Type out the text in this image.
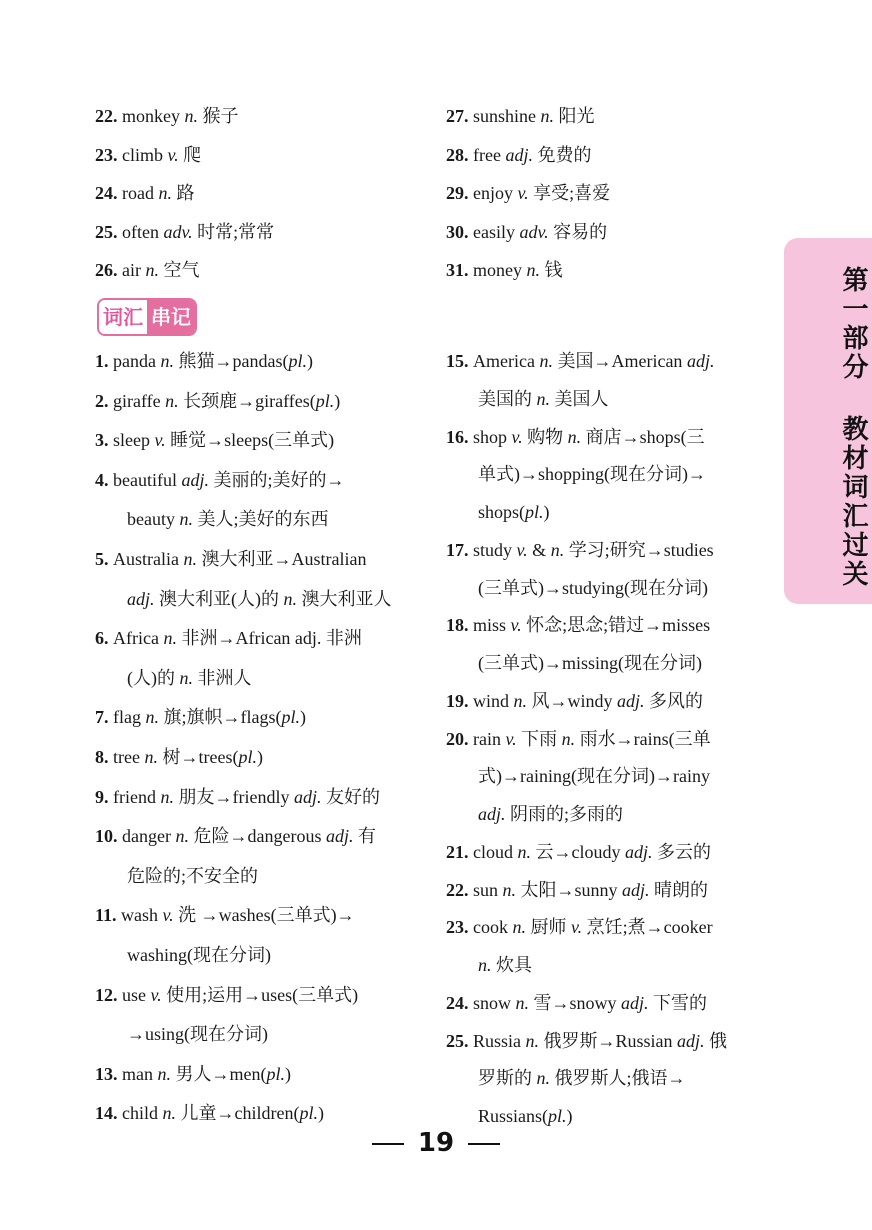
22. monkey n. 猴子
23. climb v. 爬
24. road n. 路
25. often adv. 时常;常常
26. air n. 空气
27. sunshine n. 阳光
28. free adj. 免费的
29. enjoy v. 享受;喜爱
30. easily adv. 容易的
31. money n. 钱
词汇 串记
1. panda n. 熊猫→pandas(pl.)
2. giraffe n. 长颈鹿→giraffes(pl.)
3. sleep v. 睡觉→sleeps(三单式)
4. beautiful adj. 美丽的;美好的→
beauty n. 美人;美好的东西
5. Australia n. 澳大利亚→Australian
adj. 澳大利亚(人)的 n. 澳大利亚人
6. Africa n. 非洲→African adj. 非洲
(人)的 n. 非洲人
7. flag n. 旗;旗帜→flags(pl.)
8. tree n. 树→trees(pl.)
9. friend n. 朋友→friendly adj. 友好的
10. danger n. 危险→dangerous adj. 有
危险的;不安全的
11. wash v. 洗 →washes(三单式)→
washing(现在分词)
12. use v. 使用;运用→uses(三单式)
→using(现在分词)
13. man n. 男人→men(pl.)
14. child n. 儿童→children(pl.)
15. America n. 美国→American adj.
美国的 n. 美国人
16. shop v. 购物 n. 商店→shops(三
单式)→shopping(现在分词)→
shops(pl.)
17. study v. & n. 学习;研究→studies
(三单式)→studying(现在分词)
18. miss v. 怀念;思念;错过→misses
(三单式)→missing(现在分词)
19. wind n. 风→windy adj. 多风的
20. rain v. 下雨 n. 雨水→rains(三单
式)→raining(现在分词)→rainy
adj. 阴雨的;多雨的
21. cloud n. 云→cloudy adj. 多云的
22. sun n. 太阳→sunny adj. 晴朗的
23. cook n. 厨师 v. 烹饪;煮→cooker
n. 炊具
24. snow n. 雪→snowy adj. 下雪的
25. Russia n. 俄罗斯→Russian adj. 俄
罗斯的 n. 俄罗斯人;俄语→
Russians(pl.)
第一部分 教材词汇过关
19
